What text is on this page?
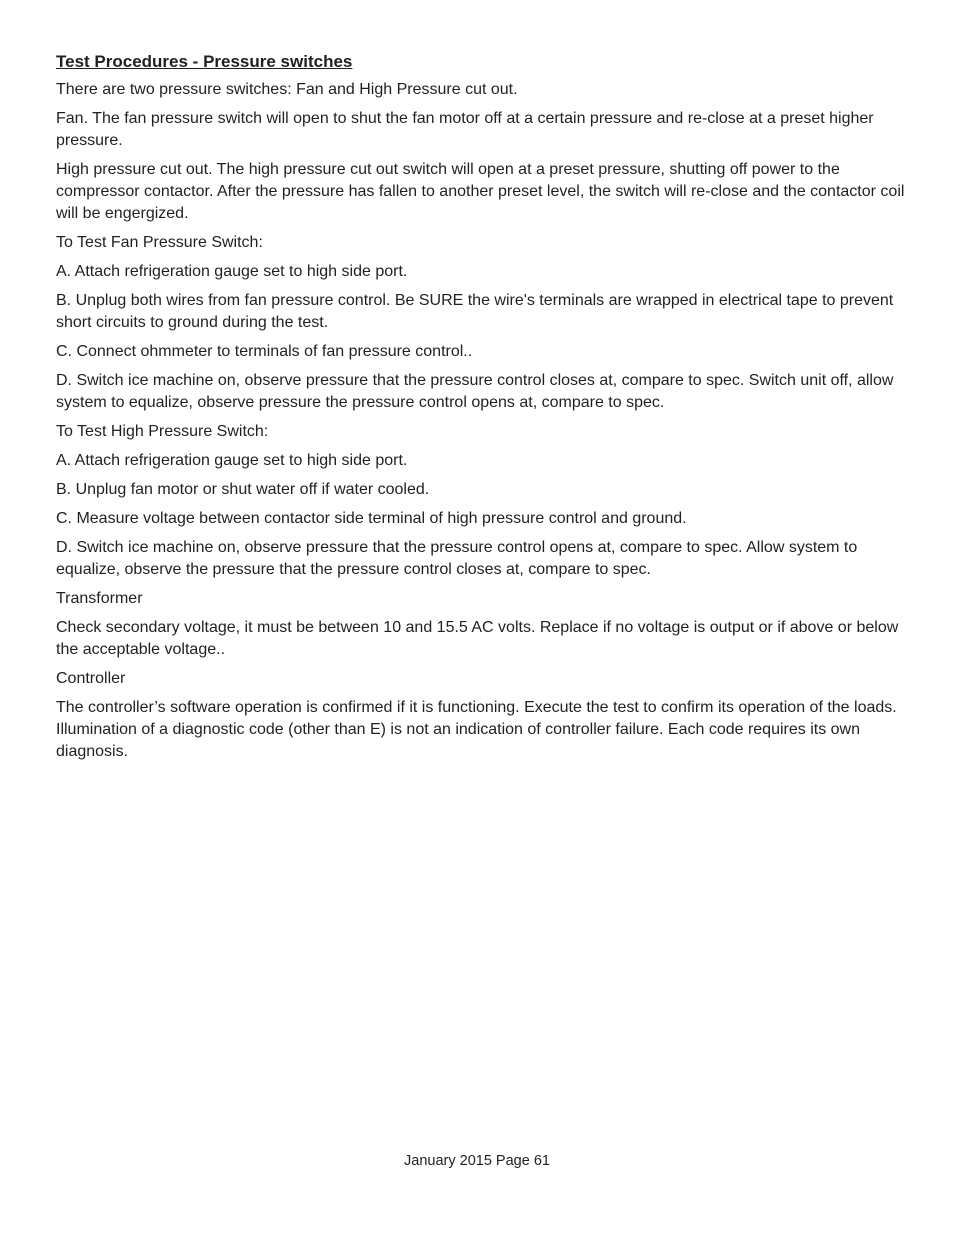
Test Procedures - Pressure switches

There are two pressure switches: Fan and High Pressure cut out.

Fan. The fan pressure switch will open to shut the fan motor off at a certain pressure and re-close at a preset higher pressure.

High pressure cut out. The high pressure cut out switch will open at a preset pressure, shutting off power to the compressor contactor. After the pressure has fallen to another preset level, the switch will re-close and the contactor coil will be engergized.

To Test Fan Pressure Switch:

A. Attach refrigeration gauge set to high side port.

B. Unplug both wires from fan pressure control. Be SURE the wire's terminals are wrapped in electrical tape to prevent short circuits to ground during the test.

C. Connect ohmmeter to terminals of fan pressure control..

D. Switch ice machine on, observe pressure that the pressure control closes at, compare to spec. Switch unit off, allow system to equalize, observe pressure the pressure control opens at, compare to spec.

To Test High Pressure Switch:

A. Attach refrigeration gauge set to high side port.

B. Unplug fan motor or shut water off if water cooled.

C. Measure voltage between contactor side terminal of high pressure control and ground.

D. Switch ice machine on, observe pressure that the pressure control opens at, compare to spec. Allow system to equalize, observe the pressure that the pressure control closes at, compare to spec.

Transformer

Check secondary voltage, it must be between 10 and 15.5 AC volts. Replace if no voltage is output or if above or below the acceptable voltage..

Controller

The controller’s software operation is confirmed if it is functioning. Execute the test to confirm its operation of the loads. Illumination of a diagnostic code (other than E) is not an indication of controller failure. Each code requires its own diagnosis.

January 2015 Page 61
